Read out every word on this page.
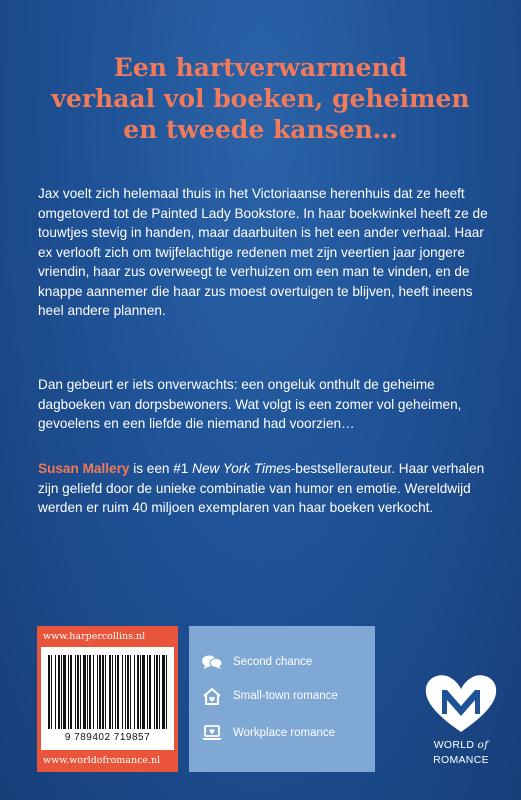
Een hartverwarmend
verhaal vol boeken, geheimen
en tweede kansen…
Jax voelt zich helemaal thuis in het Victoriaanse herenhuis dat ze heeft omgetoverd tot de Painted Lady Bookstore. In haar boekwinkel heeft ze de touwtjes stevig in handen, maar daarbuiten is het een ander verhaal. Haar ex verlooft zich om twijfelachtige redenen met zijn veertien jaar jongere vriendin, haar zus overweegt te verhuizen om een man te vinden, en de knappe aannemer die haar zus moest overtuigen te blijven, heeft ineens heel andere plannen.
Dan gebeurt er iets onverwachts: een ongeluk onthult de geheime dagboeken van dorpsbewoners. Wat volgt is een zomer vol geheimen, gevoelens en een liefde die niemand had voorzien…
Susan Mallery is een #1 New York Times-bestsellerauteur. Haar verhalen zijn geliefd door de unieke combinatie van humor en emotie. Wereldwijd werden er ruim 40 miljoen exemplaren van haar boeken verkocht.
www.harpercollins.nl
9 789402 719857
www.worldofromance.nl
Second chance
Small-town romance
Workplace romance
WORLD of
ROMANCE
